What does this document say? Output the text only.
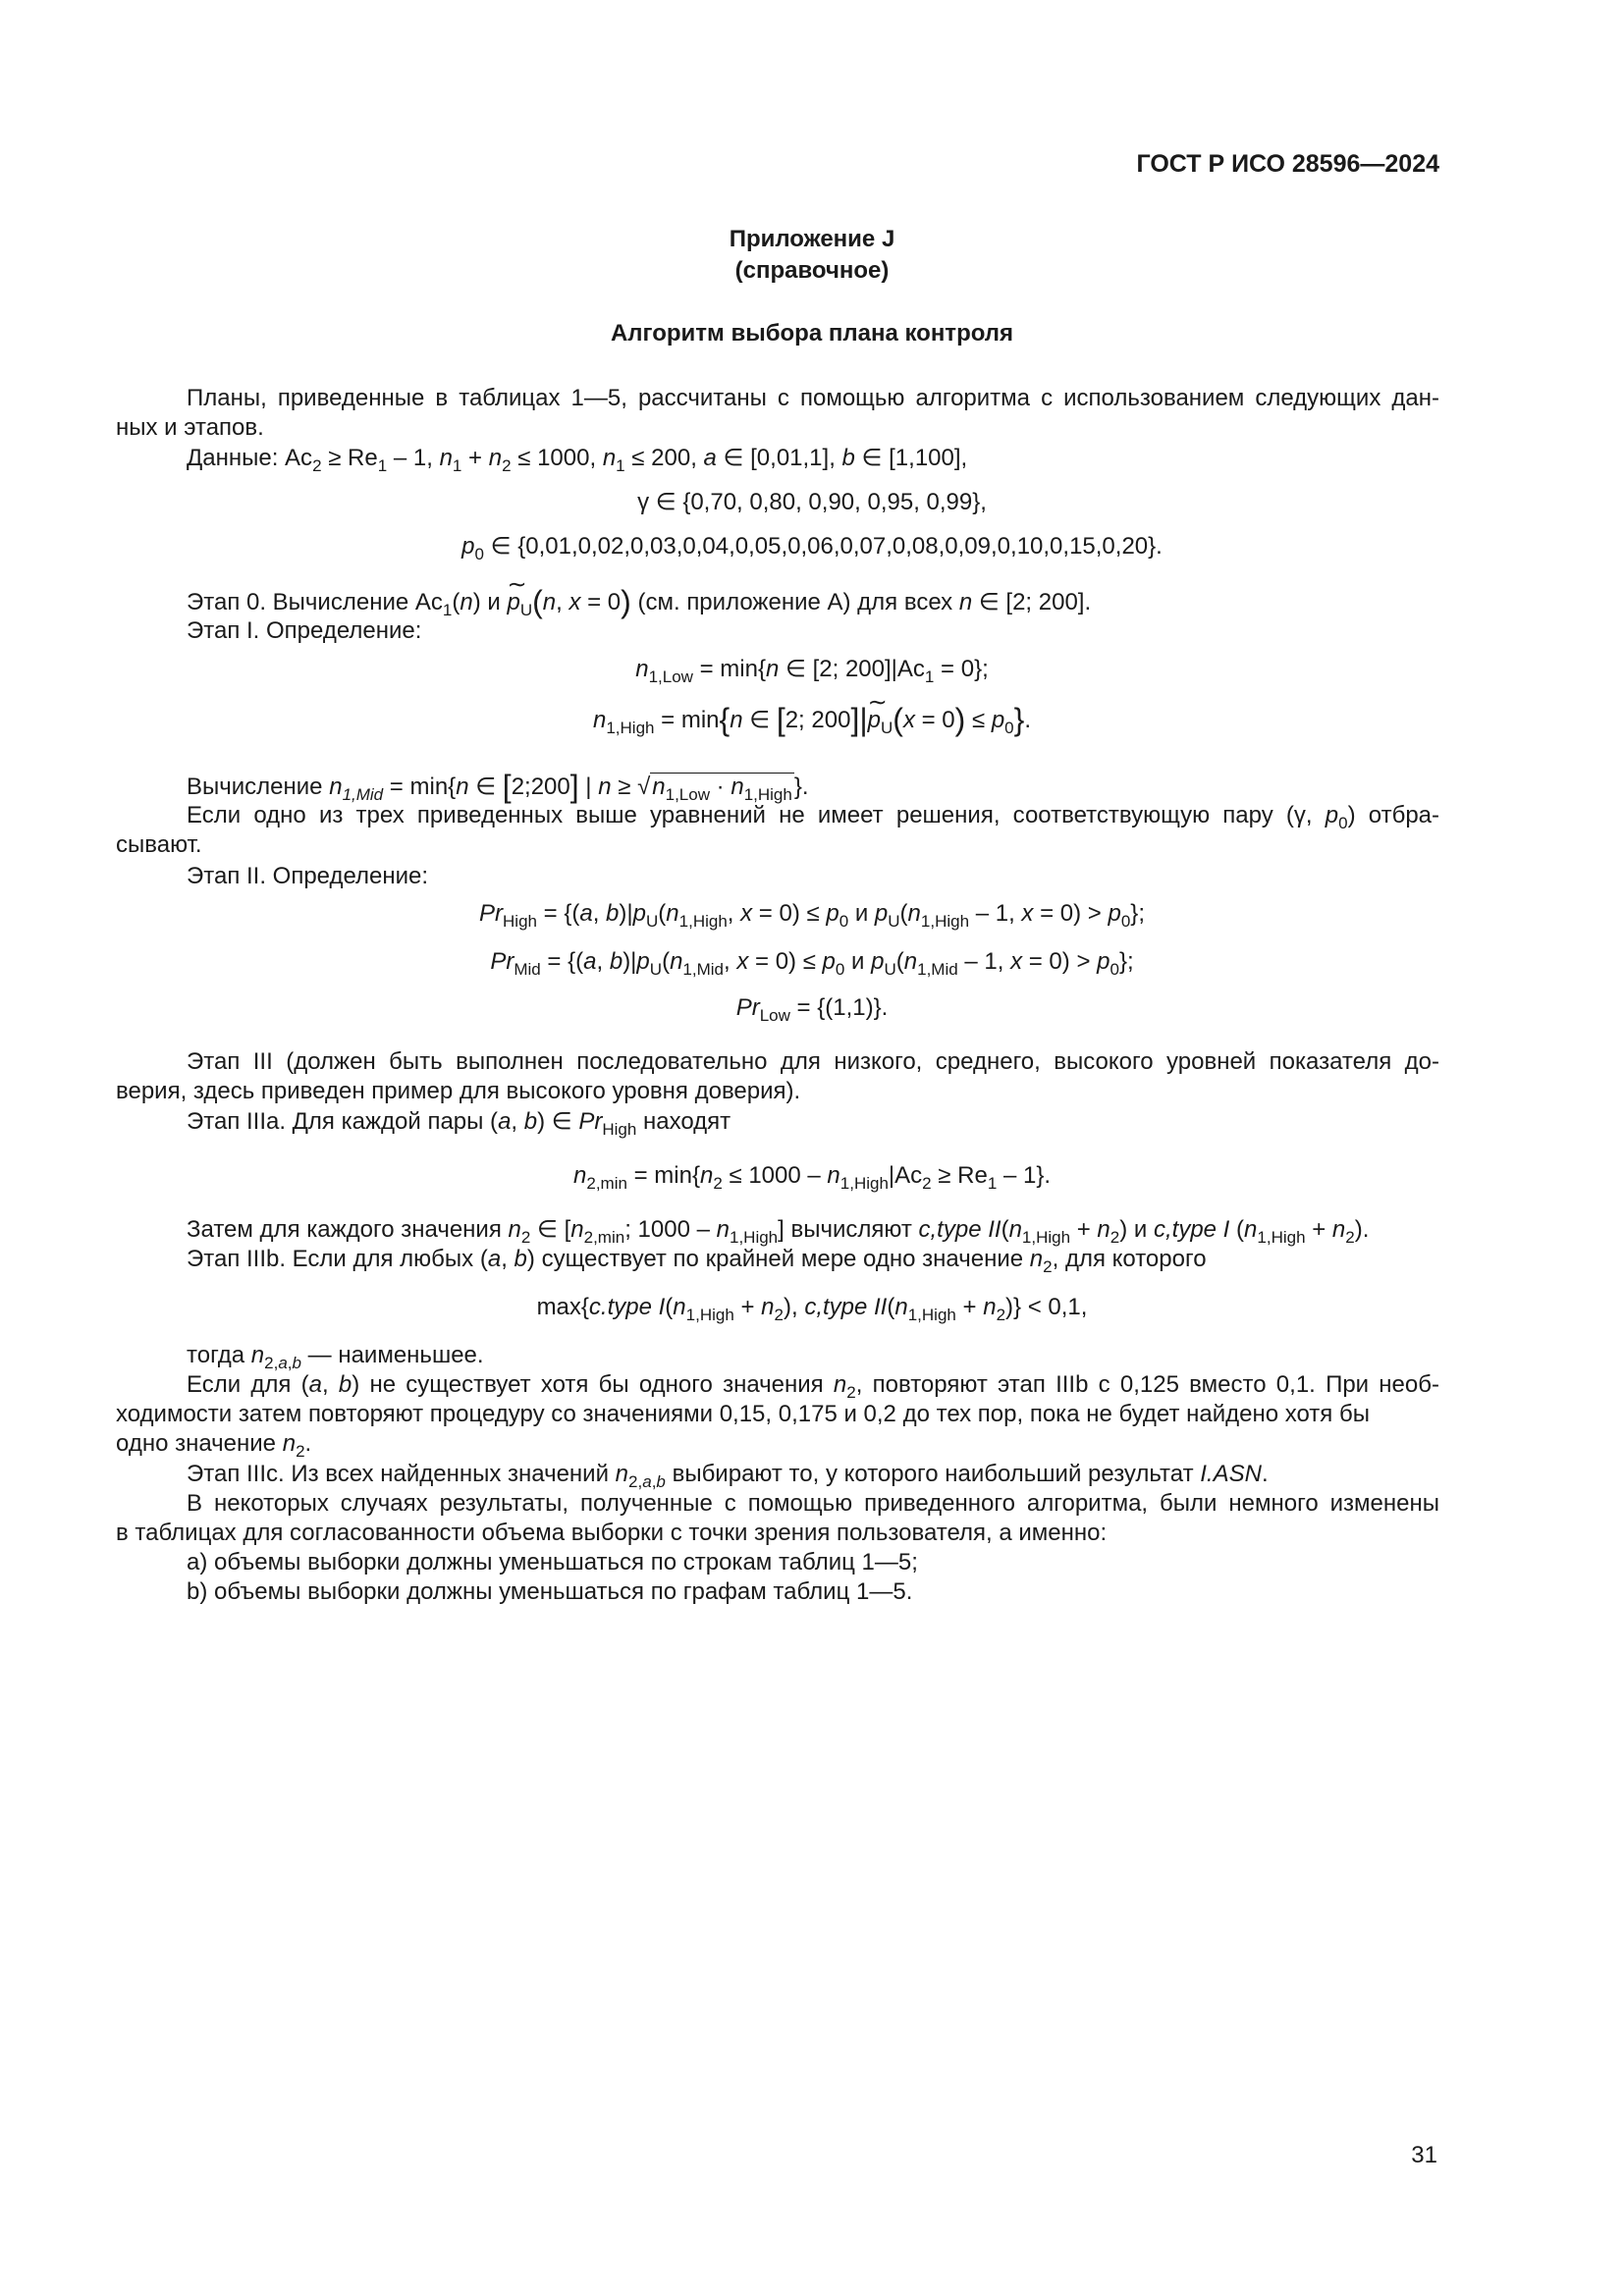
ГОСТ Р ИСО 28596—2024
Приложение J
(справочное)
Алгоритм выбора плана контроля
Планы, приведенные в таблицах 1—5, рассчитаны с помощью алгоритма с использованием следующих дан-
ных и этапов.
Данные: $Ac_2 \ge Re_1 - 1$, $n_1 + n_2 \le 1000$, $n_1 \le 200$, a ∈ [0,01,1], b ∈ [1,100],
γ ∈ {0,70, 0,80, 0,90, 0,95, 0,99},
$p_0$ ∈ {0,01,0,02,0,03,0,04,0,05,0,06,0,07,0,08,0,09,0,10,0,15,0,20}.
Этап 0. Вычисление $Ac_1(n)$ и ∼ $p_U(n$, x = 0) (см. приложение А) для всех n ∈ [2; 200].
Этап I. Определение:
$n_{1,Low} = \min\{n$ ∈ [2; $200]|Ac_1 = 0$};
$n_{1,High} = \min\{n$ ∈ [2; 200]|∼ $p_U(x = 0) \le p_0$}.
Вычисление $n_{1,Mid} = \min\{n$ ∈ [2;200] | $n \ge √n_{1,Low} \cdot n_{1,High}$}.
Если одно из трех приведенных выше уравнений не имеет решения, соответствующую пару (γ, $p_0$) отбра-
сывают.
Этап II. Определение:
$Pr_{High} = \{(a$, $b)|p_U(n_{1,High}$, $x = 0) \le p_0$ и $p_U(n_{1,High} - 1$, $x = 0) > p_0$};
$Pr_{Mid} = \{(a$, $b)|p_U(n_{1,Mid}$, $x = 0) \le p_0$ и $p_U(n_{1,Mid} - 1$, $x = 0) > p_0$};
$Pr_{Low} = \{(1,1)\}$.
Этап III (должен быть выполнен последовательно для низкого, среднего, высокого уровней показателя до-
верия, здесь приведен пример для высокого уровня доверия).
Этап IIIa. Для каждой пары (a, b) ∈ $Pr_{High}$ находят
$n_{2,min} = \min\{n_2 \le 1000 - n_{1,High}|Ac_2 \ge Re_1 - 1\}$.
Затем для каждого значения $n_2$ ∈ [$n_{2,min}$; $1000 - n_{1,High}$] вычисляют c,type $II(n_{1,High} + n_2)$ и c,type I $(n_{1,High} + n_2)$.
Этап IIIb. Если для любых (a, b) существует по крайней мере одно значение $n_2$, для которого
max{c.type $I(n_{1,High} + n_2)$, c,type $II(n_{1,High} + n_2)\} < 0,1$,
тогда $n_{2,a,b}$ — наименьшее.
Если для (a, b) не существует хотя бы одного значения $n_2$, повторяют этап IIIb с 0,125 вместо 0,1. При необ-
ходимости затем повторяют процедуру со значениями 0,15, 0,175 и 0,2 до тех пор, пока не будет найдено хотя бы
одно значение $n_2$.
Этап IIIc. Из всех найденных значений $n_{2,a,b}$ выбирают то, у которого наибольший результат I.ASN.
В некоторых случаях результаты, полученные с помощью приведенного алгоритма, были немного изменены
в таблицах для согласованности объема выборки с точки зрения пользователя, а именно:
a) объемы выборки должны уменьшаться по строкам таблиц 1—5;
b) объемы выборки должны уменьшаться по графам таблиц 1—5.
31
